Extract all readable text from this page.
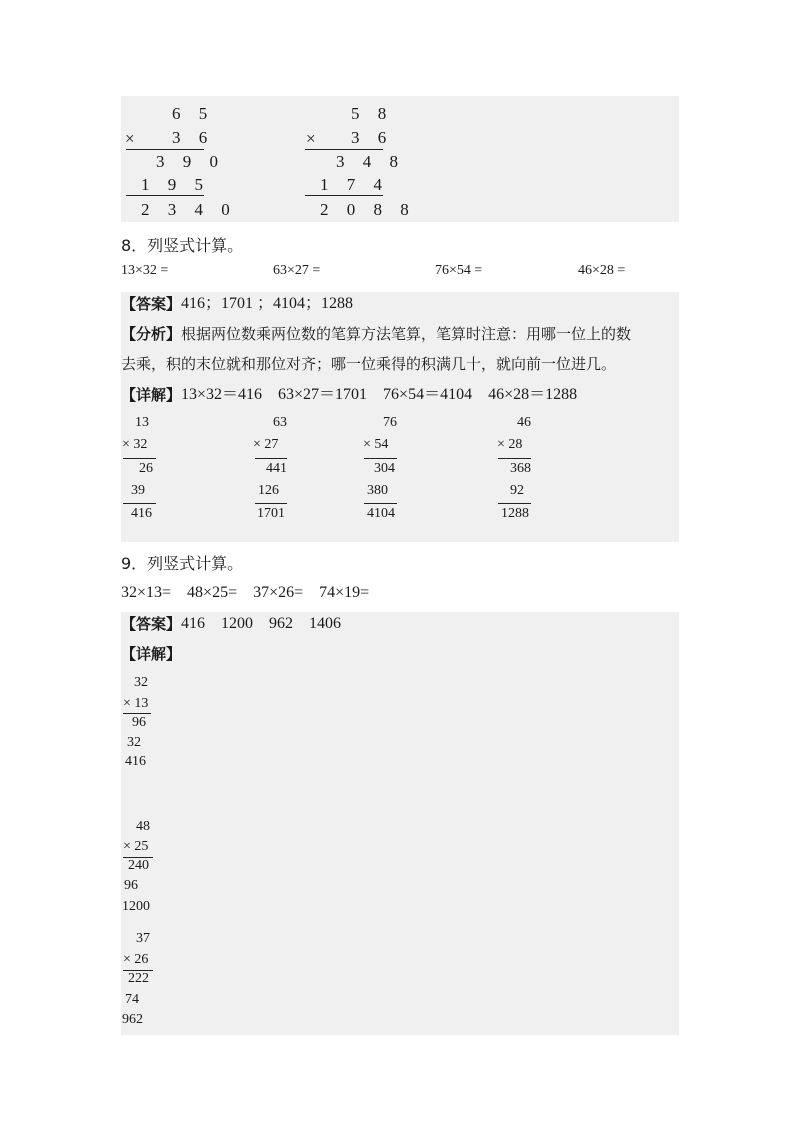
6 5
× 3 6
3 9 0
1 9 5
2 3 4 0
5 8
× 3 6
3 4 8
1 7 4
2 0 8 8
8．列竖式计算。
13×32 =	63×27 =	76×54 =	46×28 =
【答案】 416；1701 ；4104；1288
【分析】 根据两位数乘两位数的笔算方法笔算，笔算时注意：用哪一位上的数
去乘，积的末位就和那位对齐；哪一位乘得的积满几十，就向前一位进几。
【详解】 13×32＝416　63×27＝1701　76×54＝4104　46×28＝1288
13
× 32
26
39
416
63
× 27
441
126
1701
76
× 54
304
380
4104
46
× 28
368
92
1288
9．列竖式计算。
32×13=　48×25=　37×26=　74×19=
【答案】 416　1200　962　1406
【详解】
32
× 13
96
32
416
48
× 25
240
96
1200
37
× 26
222
74
962
